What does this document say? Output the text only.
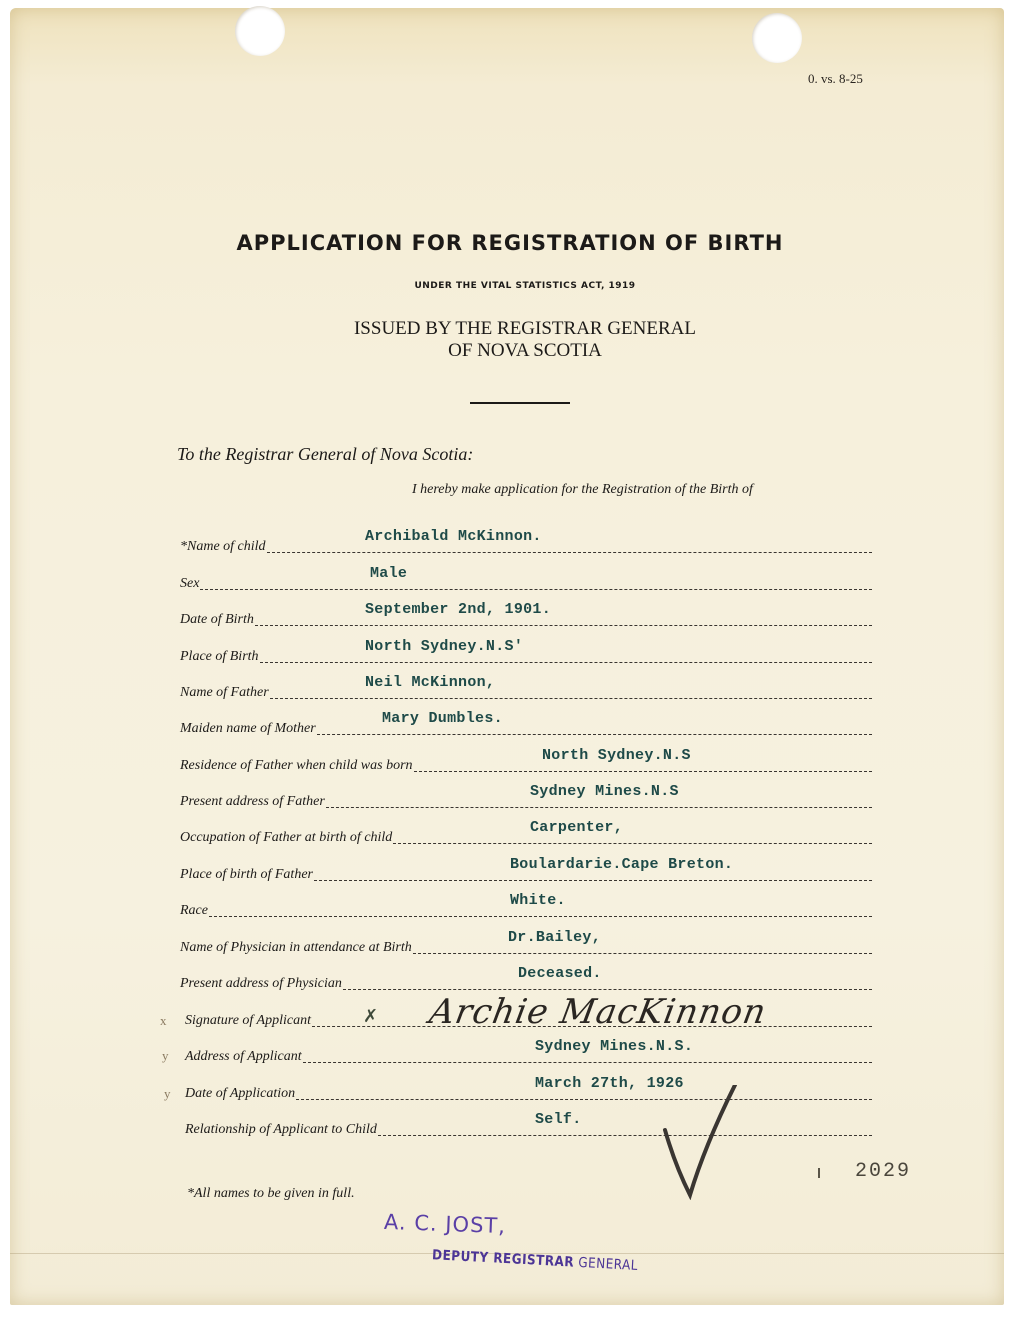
0. vs. 8-25
APPLICATION FOR REGISTRATION OF BIRTH
UNDER THE VITAL STATISTICS ACT, 1919
ISSUED BY THE REGISTRAR GENERAL
OF NOVA SCOTIA
To the Registrar General of Nova Scotia:
I hereby make application for the Registration of the Birth of
*Name of child
Archibald McKinnon.
Sex
Male
Date of Birth
September 2nd, 1901.
Place of Birth
North Sydney.N.S'
Name of Father
Neil McKinnon,
Maiden name of Mother
Mary Dumbles.
Residence of Father when child was born
North Sydney.N.S
Present address of Father
Sydney Mines.N.S
Occupation of Father at birth of child
Carpenter,
Place of birth of Father
Boulardarie.Cape Breton.
Race
White.
Name of Physician in attendance at Birth
Dr.Bailey,
Present address of Physician
Deceased.
Signature of Applicant
Address of Applicant
Sydney Mines.N.S.
Date of Application
March 27th, 1926
Relationship of Applicant to Child
Self.
x
y
y
✗ Archie MacKinnon
2029
*All names to be given in full.
A. C. JOST,
DEPUTY REGISTRAR GENERAL
